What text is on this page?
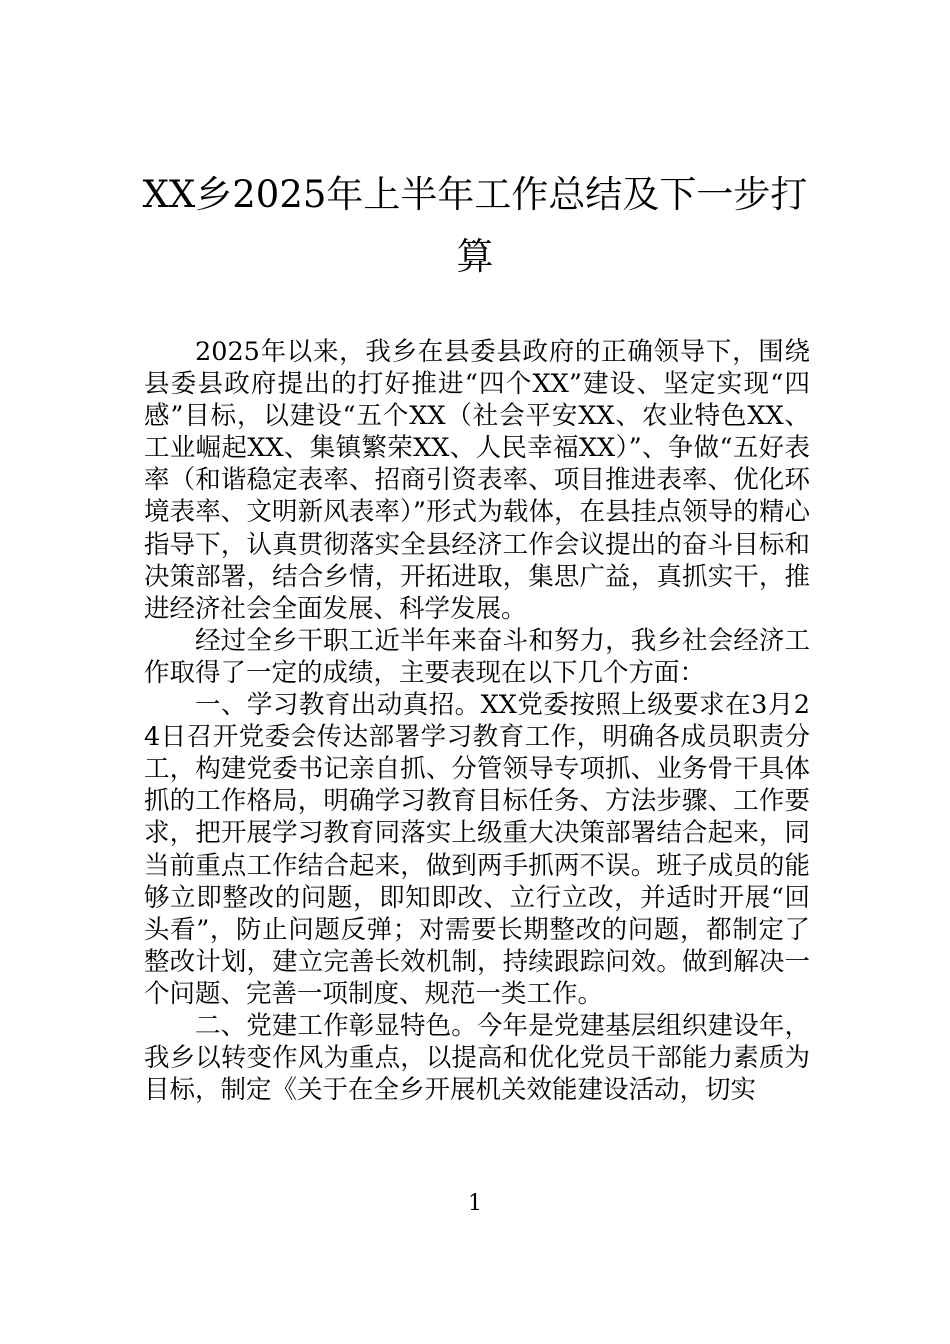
XX乡2025年上半年工作总结及下一步打算

2025年以来，我乡在县委县政府的正确领导下，围绕县委县政府提出的打好推进“四个XX”建设、坚定实现“四感”目标，以建设“五个XX（社会平安XX、农业特色XX、工业崛起XX、集镇繁荣XX、人民幸福XX）”、争做“五好表率（和谐稳定表率、招商引资表率、项目推进表率、优化环境表率、文明新风表率）”形式为载体，在县挂点领导的精心指导下，认真贯彻落实全县经济工作会议提出的奋斗目标和决策部署，结合乡情，开拓进取，集思广益，真抓实干，推进经济社会全面发展、科学发展。

经过全乡干职工近半年来奋斗和努力，我乡社会经济工作取得了一定的成绩，主要表现在以下几个方面：

一、学习教育出动真招。XX党委按照上级要求在3月24日召开党委会传达部署学习教育工作，明确各成员职责分工，构建党委书记亲自抓、分管领导专项抓、业务骨干具体抓的工作格局，明确学习教育目标任务、方法步骤、工作要求，把开展学习教育同落实上级重大决策部署结合起来，同当前重点工作结合起来，做到两手抓两不误。班子成员的能够立即整改的问题，即知即改、立行立改，并适时开展“回头看”，防止问题反弹；对需要长期整改的问题，都制定了整改计划，建立完善长效机制，持续跟踪问效。做到解决一个问题、完善一项制度、规范一类工作。

二、党建工作彰显特色。今年是党建基层组织建设年，我乡以转变作风为重点，以提高和优化党员干部能力素质为目标，制定《关于在全乡开展机关效能建设活动，切实

1
